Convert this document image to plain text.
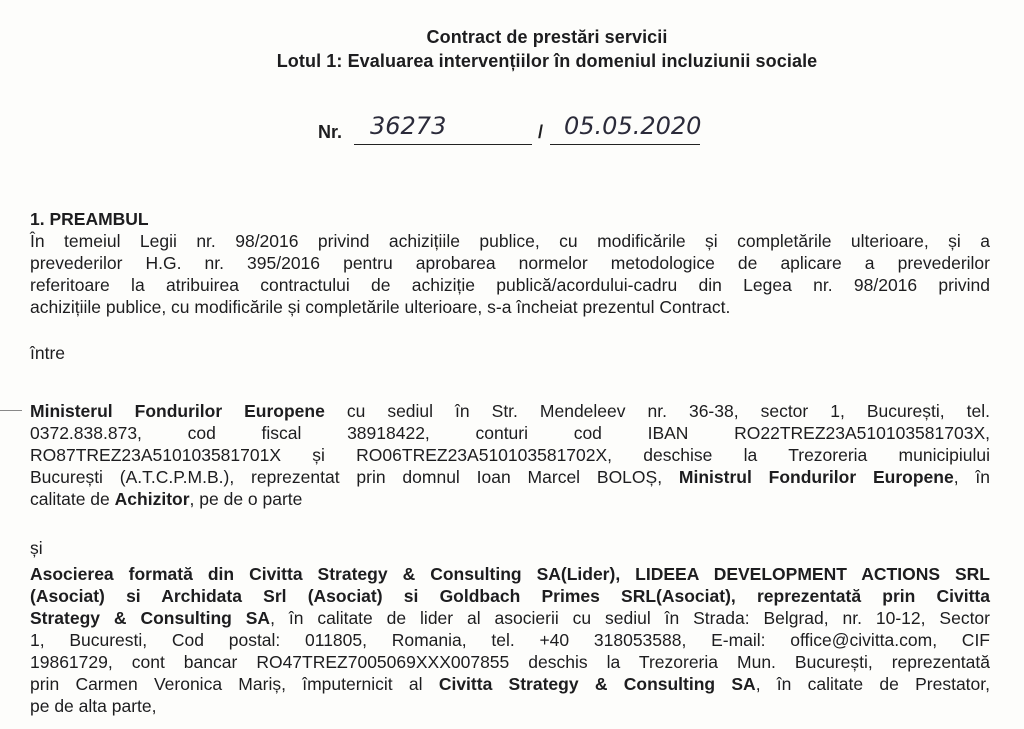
Contract de prestări servicii
Lotul 1: Evaluarea intervențiilor în domeniul incluziunii sociale
Nr. 36273	/ 05.05.2020
1. PREAMBUL
În temeiul Legii nr. 98/2016 privind achizițiile publice, cu modificările și completările ulterioare, și a
prevederilor H.G. nr. 395/2016 pentru aprobarea normelor metodologice de aplicare a prevederilor
referitoare la atribuirea contractului de achiziție publică/acordului-cadru din Legea nr. 98/2016 privind
achizițiile publice, cu modificările și completările ulterioare, s-a încheiat prezentul Contract.
între
Ministerul Fondurilor Europene cu sediul în Str. Mendeleev nr. 36-38, sector 1, București, tel.
0372.838.873, cod fiscal 38918422, conturi cod IBAN RO22TREZ23A510103581703X,
RO87TREZ23A510103581701X și RO06TREZ23A510103581702X, deschise la Trezoreria municipiului
București (A.T.C.P.M.B.), reprezentat prin domnul Ioan Marcel BOLOȘ, Ministrul Fondurilor Europene, în
calitate de Achizitor, pe de o parte
și
Asocierea formată din Civitta Strategy & Consulting SA(Lider), LIDEEA DEVELOPMENT ACTIONS SRL
(Asociat) si Archidata Srl (Asociat) si Goldbach Primes SRL(Asociat), reprezentată prin Civitta
Strategy & Consulting SA, în calitate de lider al asocierii cu sediul în Strada: Belgrad, nr. 10-12, Sector
1, Bucuresti, Cod postal: 011805, Romania, tel. +40 318053588, E-mail: office@civitta.com, CIF
19861729, cont bancar RO47TREZ7005069XXX007855 deschis la Trezoreria Mun. București, reprezentată
prin Carmen Veronica Mariș, împuternicit al Civitta Strategy & Consulting SA, în calitate de Prestator,
pe de alta parte,
